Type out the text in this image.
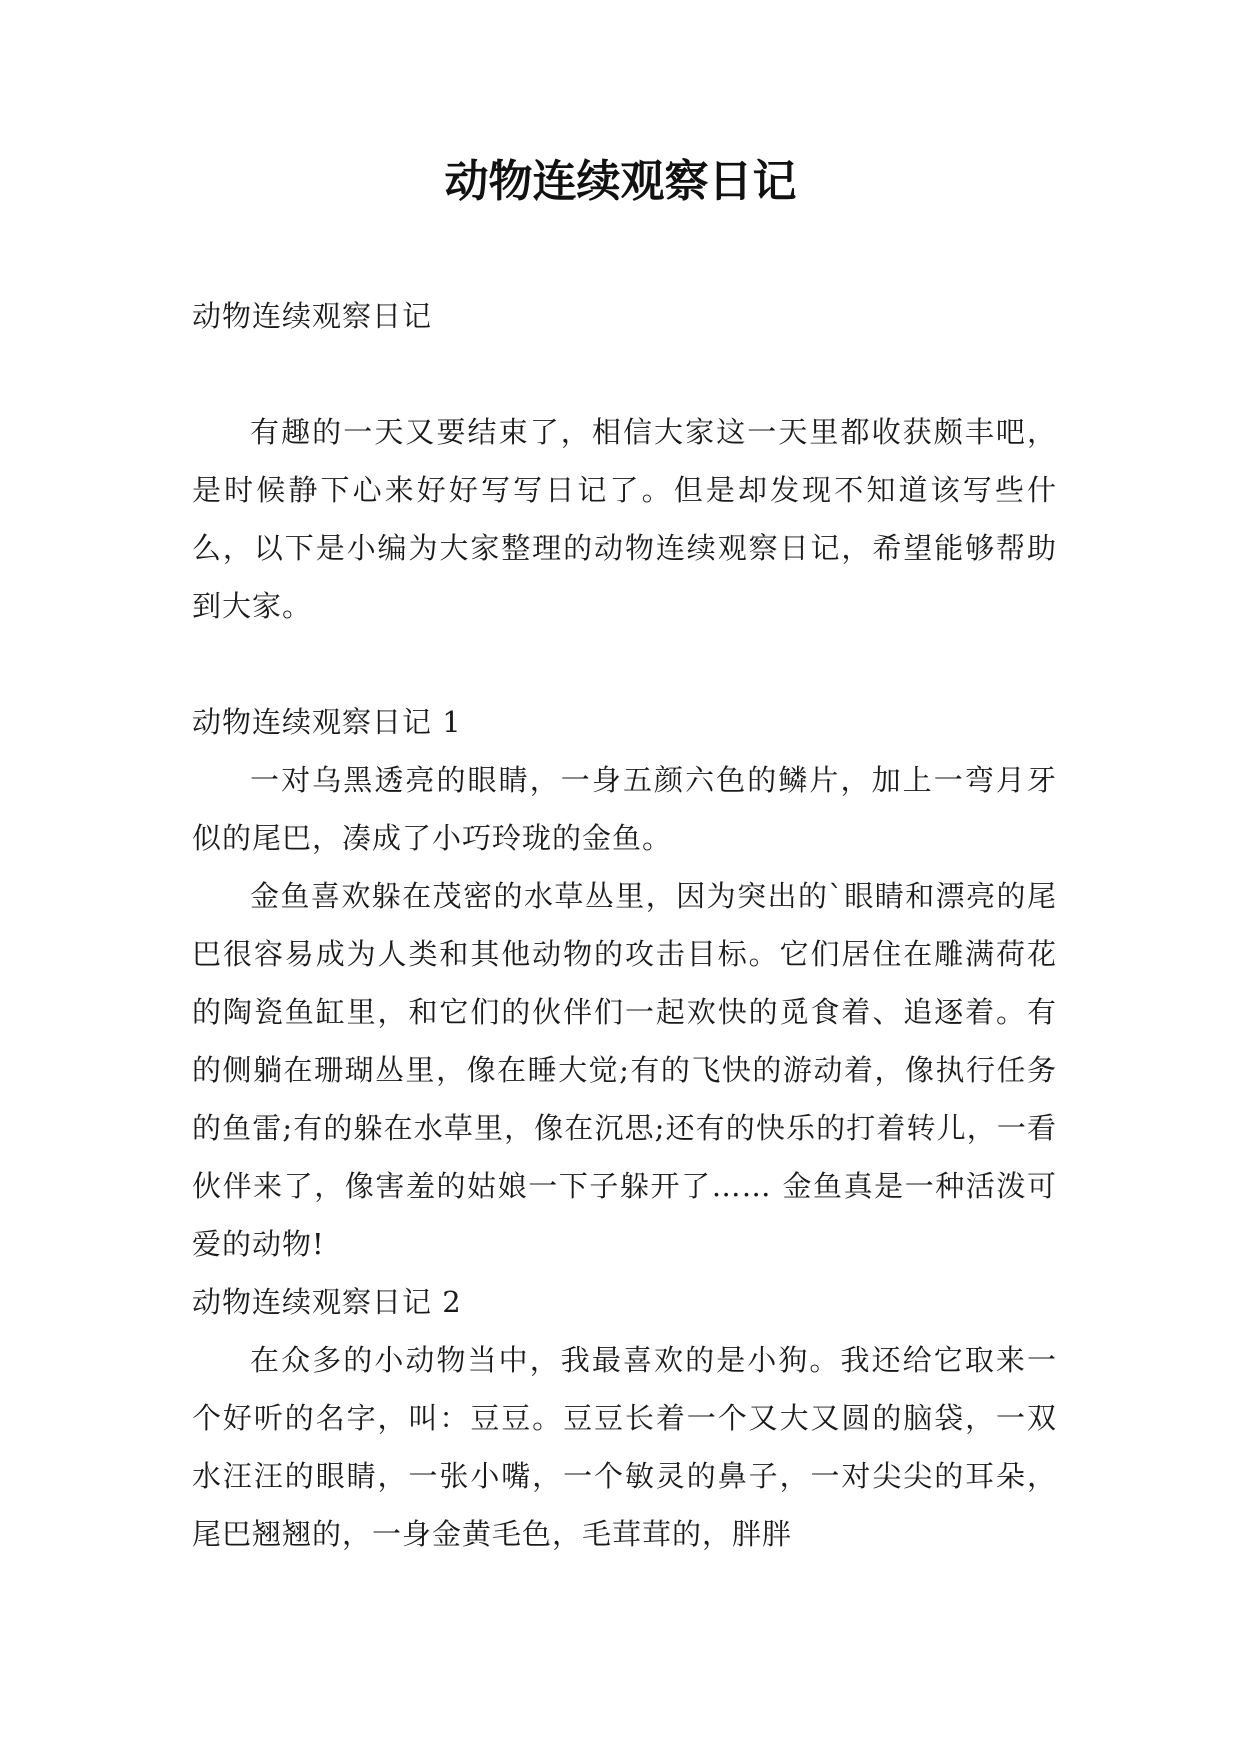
动物连续观察日记

动物连续观察日记

有趣的一天又要结束了，相信大家这一天里都收获颇丰吧，是时候静下心来好好写写日记了。但是却发现不知道该写些什么，以下是小编为大家整理的动物连续观察日记，希望能够帮助到大家。

动物连续观察日记 1

一对乌黑透亮的眼睛，一身五颜六色的鳞片，加上一弯月牙似的尾巴，凑成了小巧玲珑的金鱼。

金鱼喜欢躲在茂密的水草丛里，因为突出的`眼睛和漂亮的尾巴很容易成为人类和其他动物的攻击目标。它们居住在雕满荷花的陶瓷鱼缸里，和它们的伙伴们一起欢快的觅食着、追逐着。有的侧躺在珊瑚丛里，像在睡大觉;有的飞快的游动着，像执行任务的鱼雷;有的躲在水草里，像在沉思;还有的快乐的打着转儿，一看伙伴来了，像害羞的姑娘一下子躲开了…… 金鱼真是一种活泼可爱的动物!

动物连续观察日记 2

在众多的小动物当中，我最喜欢的是小狗。我还给它取来一个好听的名字，叫：豆豆。豆豆长着一个又大又圆的脑袋，一双水汪汪的眼睛，一张小嘴，一个敏灵的鼻子，一对尖尖的耳朵，尾巴翘翘的，一身金黄毛色，毛茸茸的，胖胖
